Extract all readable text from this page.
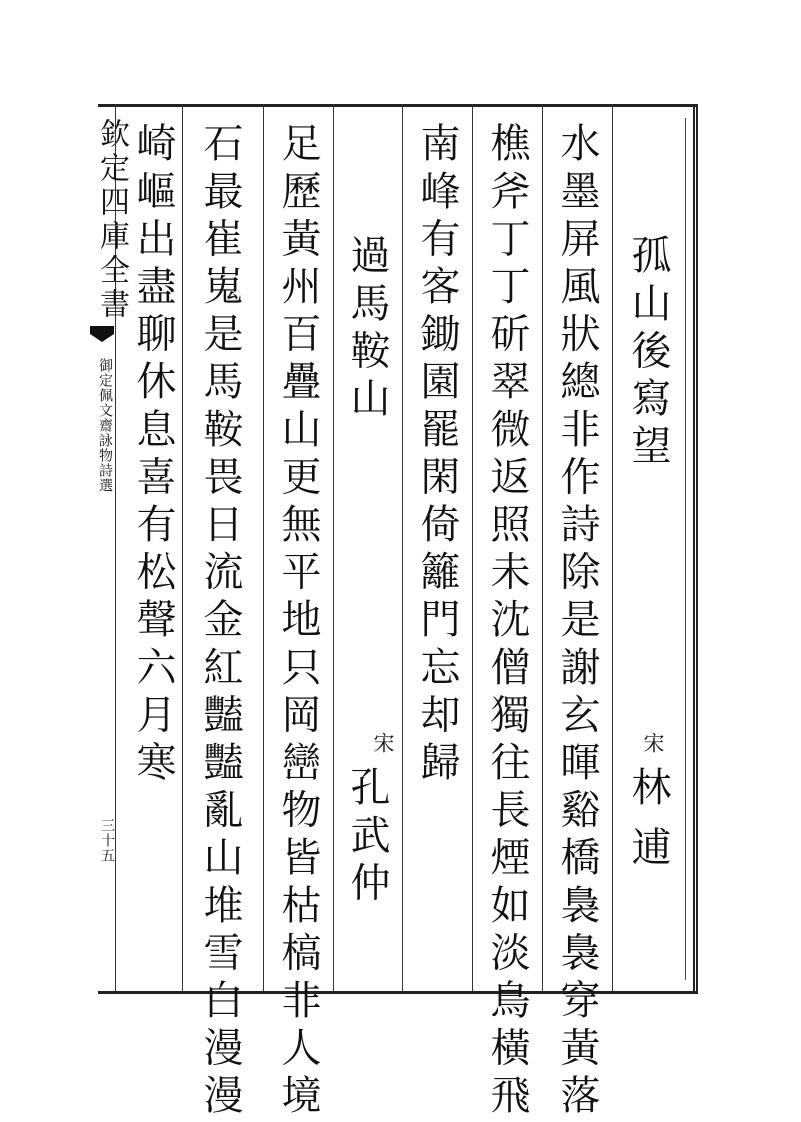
欽定四庫全書
御定佩文齋詠物詩選
三十五
孤山後寫望
宋
林逋
水墨屏風狀總非作詩除是謝玄暉谿橋裊裊穿黃落
樵斧丁丁斫翠微返照未沈僧獨往長煙如淡鳥橫飛
南峰有客鋤園罷閑倚籬門忘却歸
過馬鞍山
宋
孔武仲
足歷黃州百疊山更無平地只岡巒物皆枯槁非人境
石最崔嵬是馬鞍畏日流金紅豔豔亂山堆雪白漫漫
崎嶇出盡聊休息喜有松聲六月寒
